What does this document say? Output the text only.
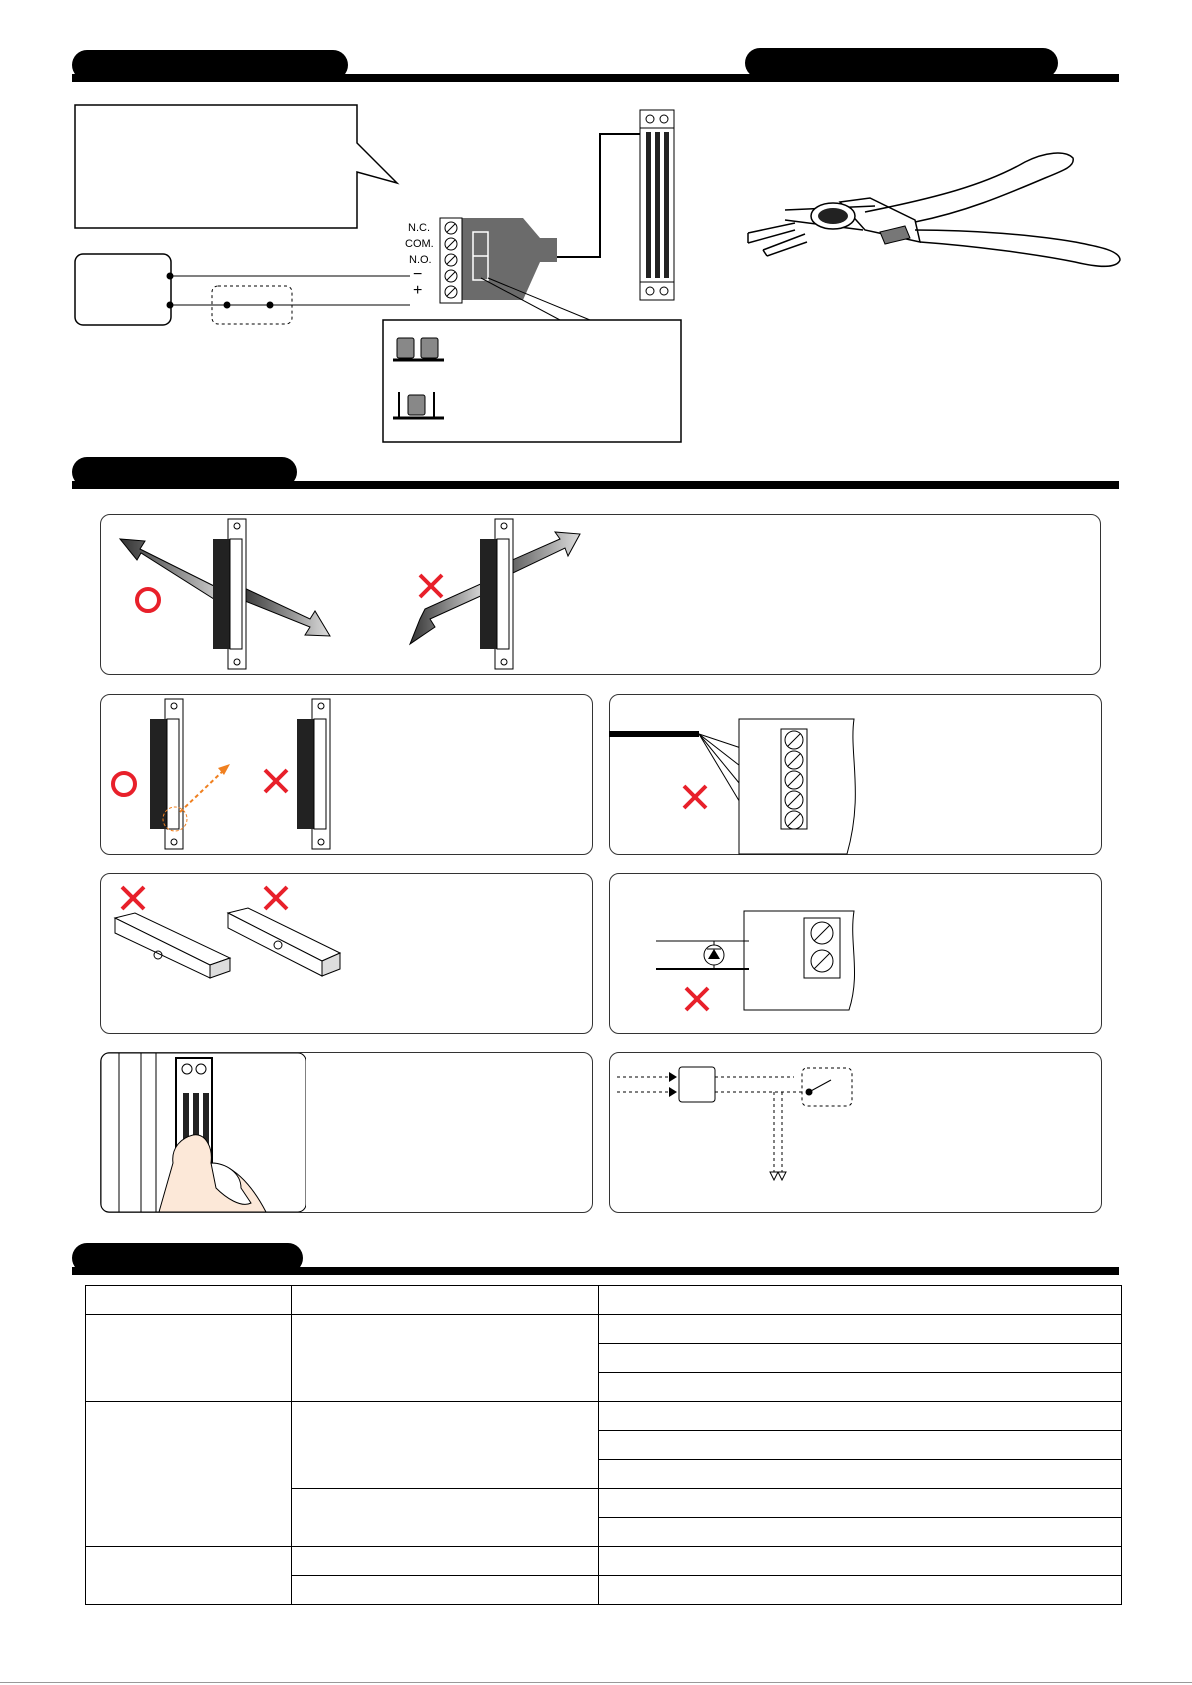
N.C.
COM.
N.O.
−
+
